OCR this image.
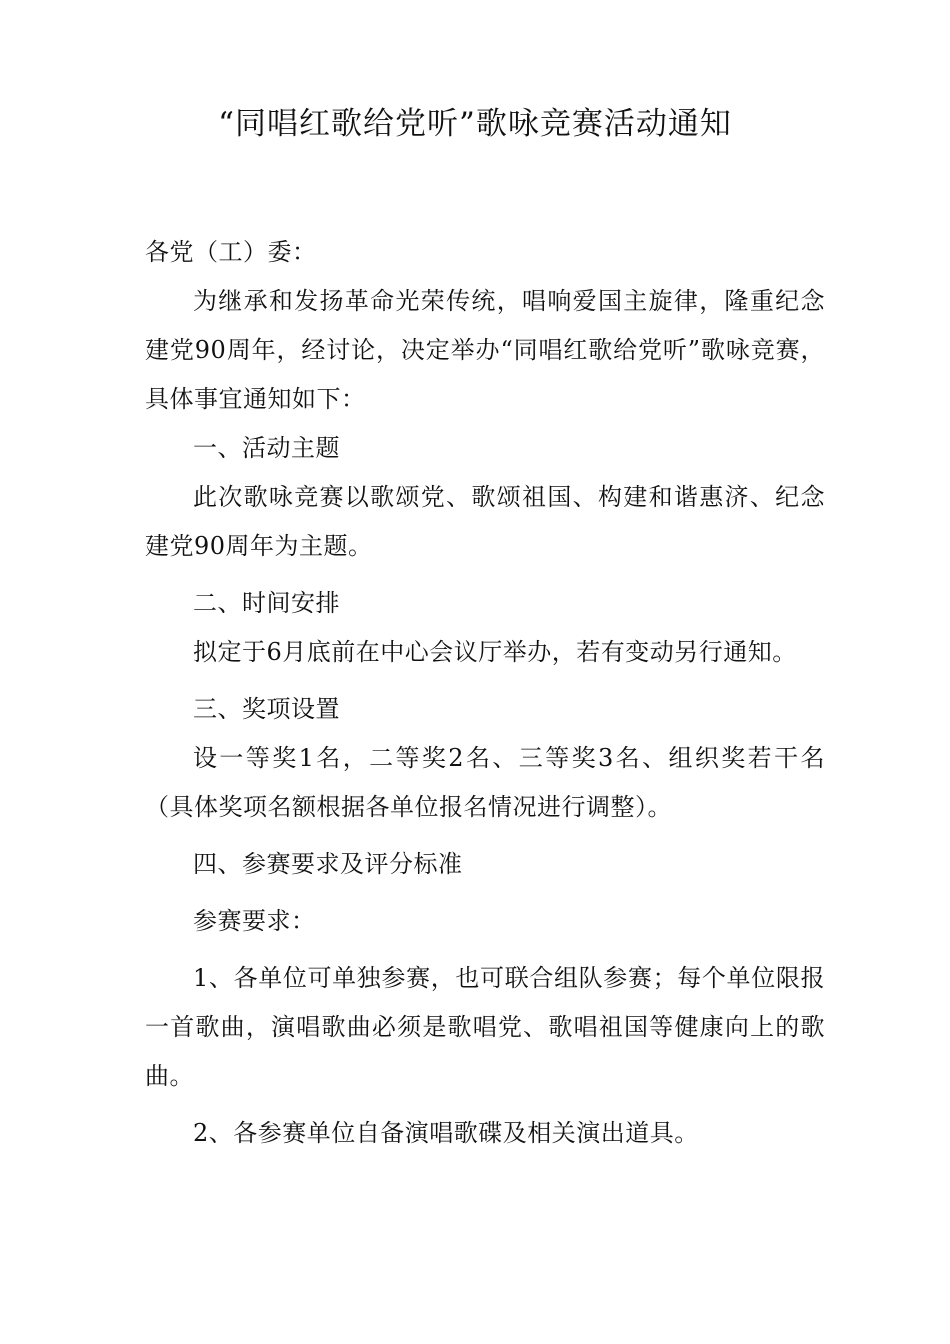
“同唱红歌给党听”歌咏竞赛活动通知

各党（工）委：

为继承和发扬革命光荣传统，唱响爱国主旋律，隆重纪念建党90周年，经讨论，决定举办“同唱红歌给党听”歌咏竞赛，具体事宜通知如下：

一、活动主题

此次歌咏竞赛以歌颂党、歌颂祖国、构建和谐惠济、纪念建党90周年为主题。

二、时间安排

拟定于6月底前在中心会议厅举办，若有变动另行通知。

三、奖项设置

设一等奖1名，二等奖2名、三等奖3名、组织奖若干名（具体奖项名额根据各单位报名情况进行调整）。

四、参赛要求及评分标准

参赛要求：

1、各单位可单独参赛，也可联合组队参赛；每个单位限报一首歌曲，演唱歌曲必须是歌唱党、歌唱祖国等健康向上的歌曲。

2、各参赛单位自备演唱歌碟及相关演出道具。
